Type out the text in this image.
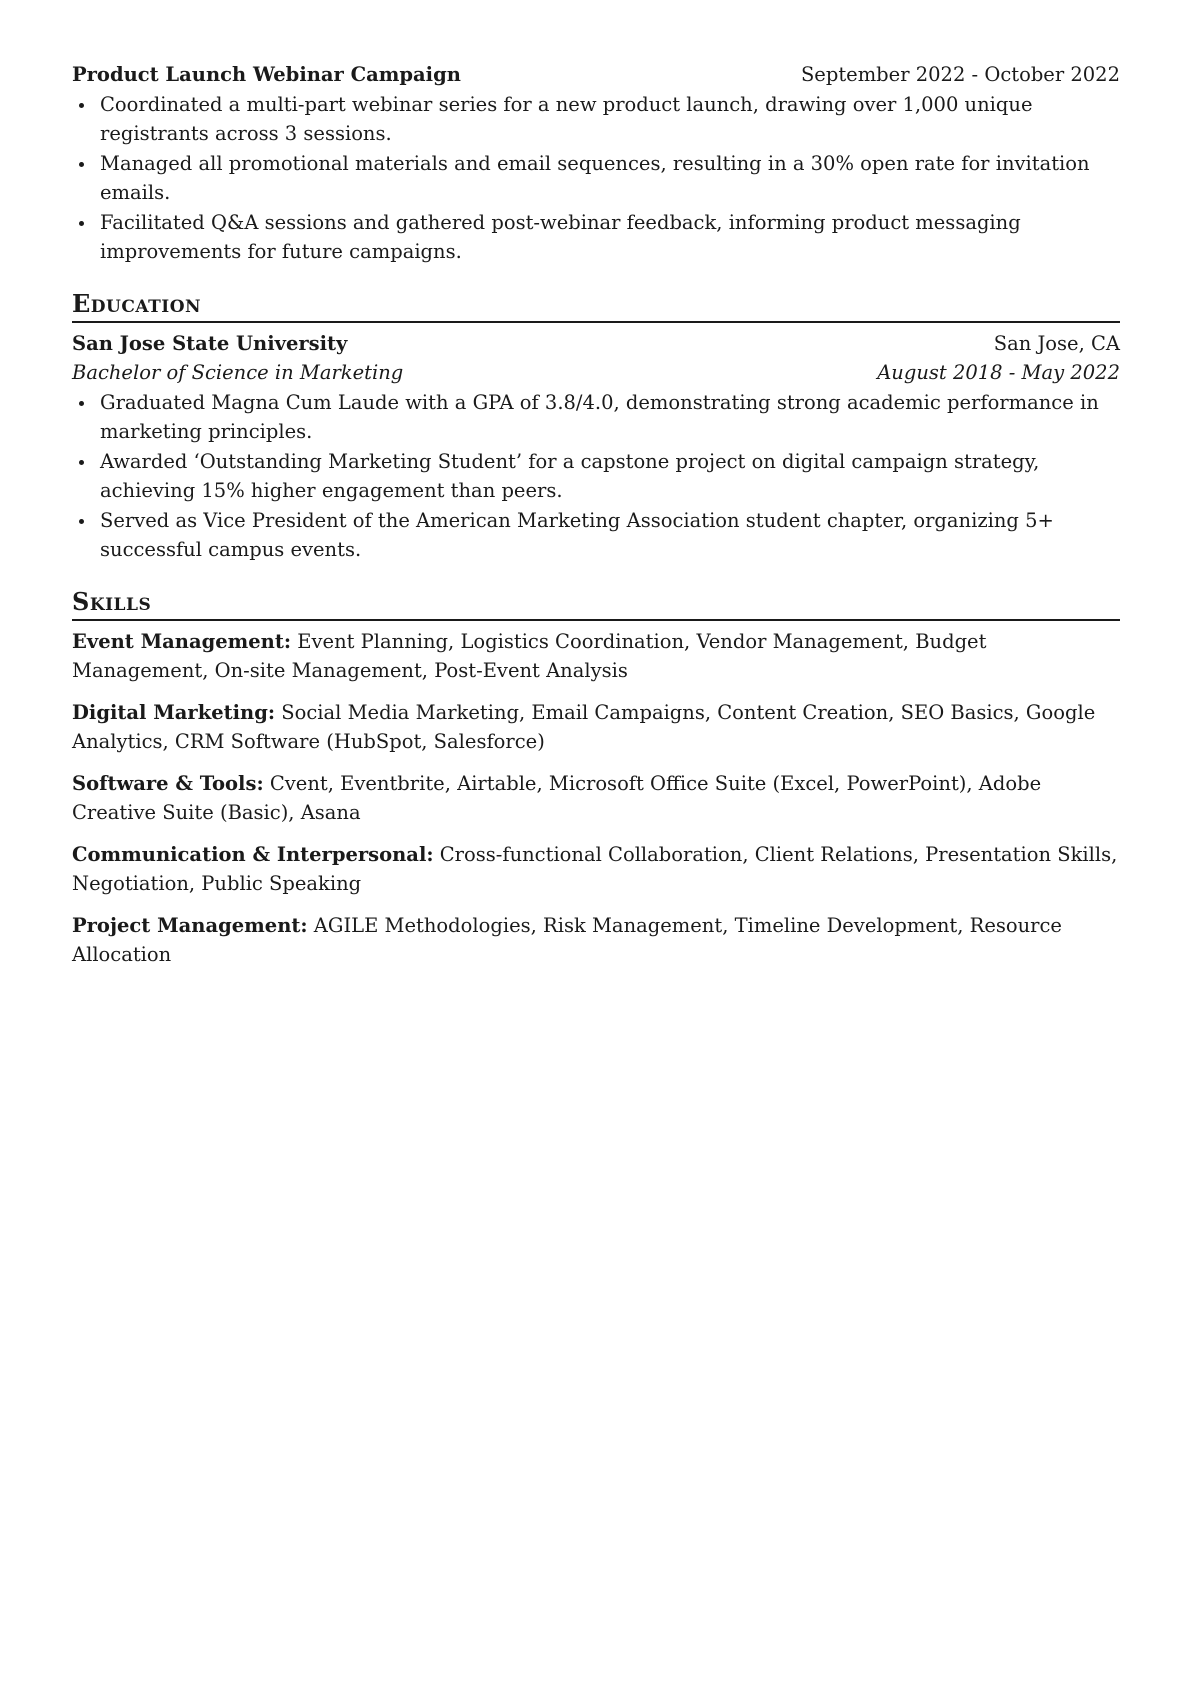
Product Launch Webinar Campaign	September 2022 - October 2022
Coordinated a multi-part webinar series for a new product launch, drawing over 1,000 unique registrants across 3 sessions.
Managed all promotional materials and email sequences, resulting in a 30% open rate for invitation emails.
Facilitated Q&A sessions and gathered post-webinar feedback, informing product messaging improvements for future campaigns.
Education
San Jose State University	San Jose, CA
Bachelor of Science in Marketing	August 2018 - May 2022
Graduated Magna Cum Laude with a GPA of 3.8/4.0, demonstrating strong academic performance in marketing principles.
Awarded ‘Outstanding Marketing Student’ for a capstone project on digital campaign strategy, achieving 15% higher engagement than peers.
Served as Vice President of the American Marketing Association student chapter, organizing 5+ successful campus events.
Skills

Event Management: Event Planning, Logistics Coordination, Vendor Management, Budget Management, On-site Management, Post-Event Analysis

Digital Marketing: Social Media Marketing, Email Campaigns, Content Creation, SEO Basics, Google Analytics, CRM Software (HubSpot, Salesforce)

Software & Tools: Cvent, Eventbrite, Airtable, Microsoft Office Suite (Excel, PowerPoint), Adobe Creative Suite (Basic), Asana

Communication & Interpersonal: Cross-functional Collaboration, Client Relations, Presentation Skills, Negotiation, Public Speaking

Project Management: AGILE Methodologies, Risk Management, Timeline Development, Resource Allocation
